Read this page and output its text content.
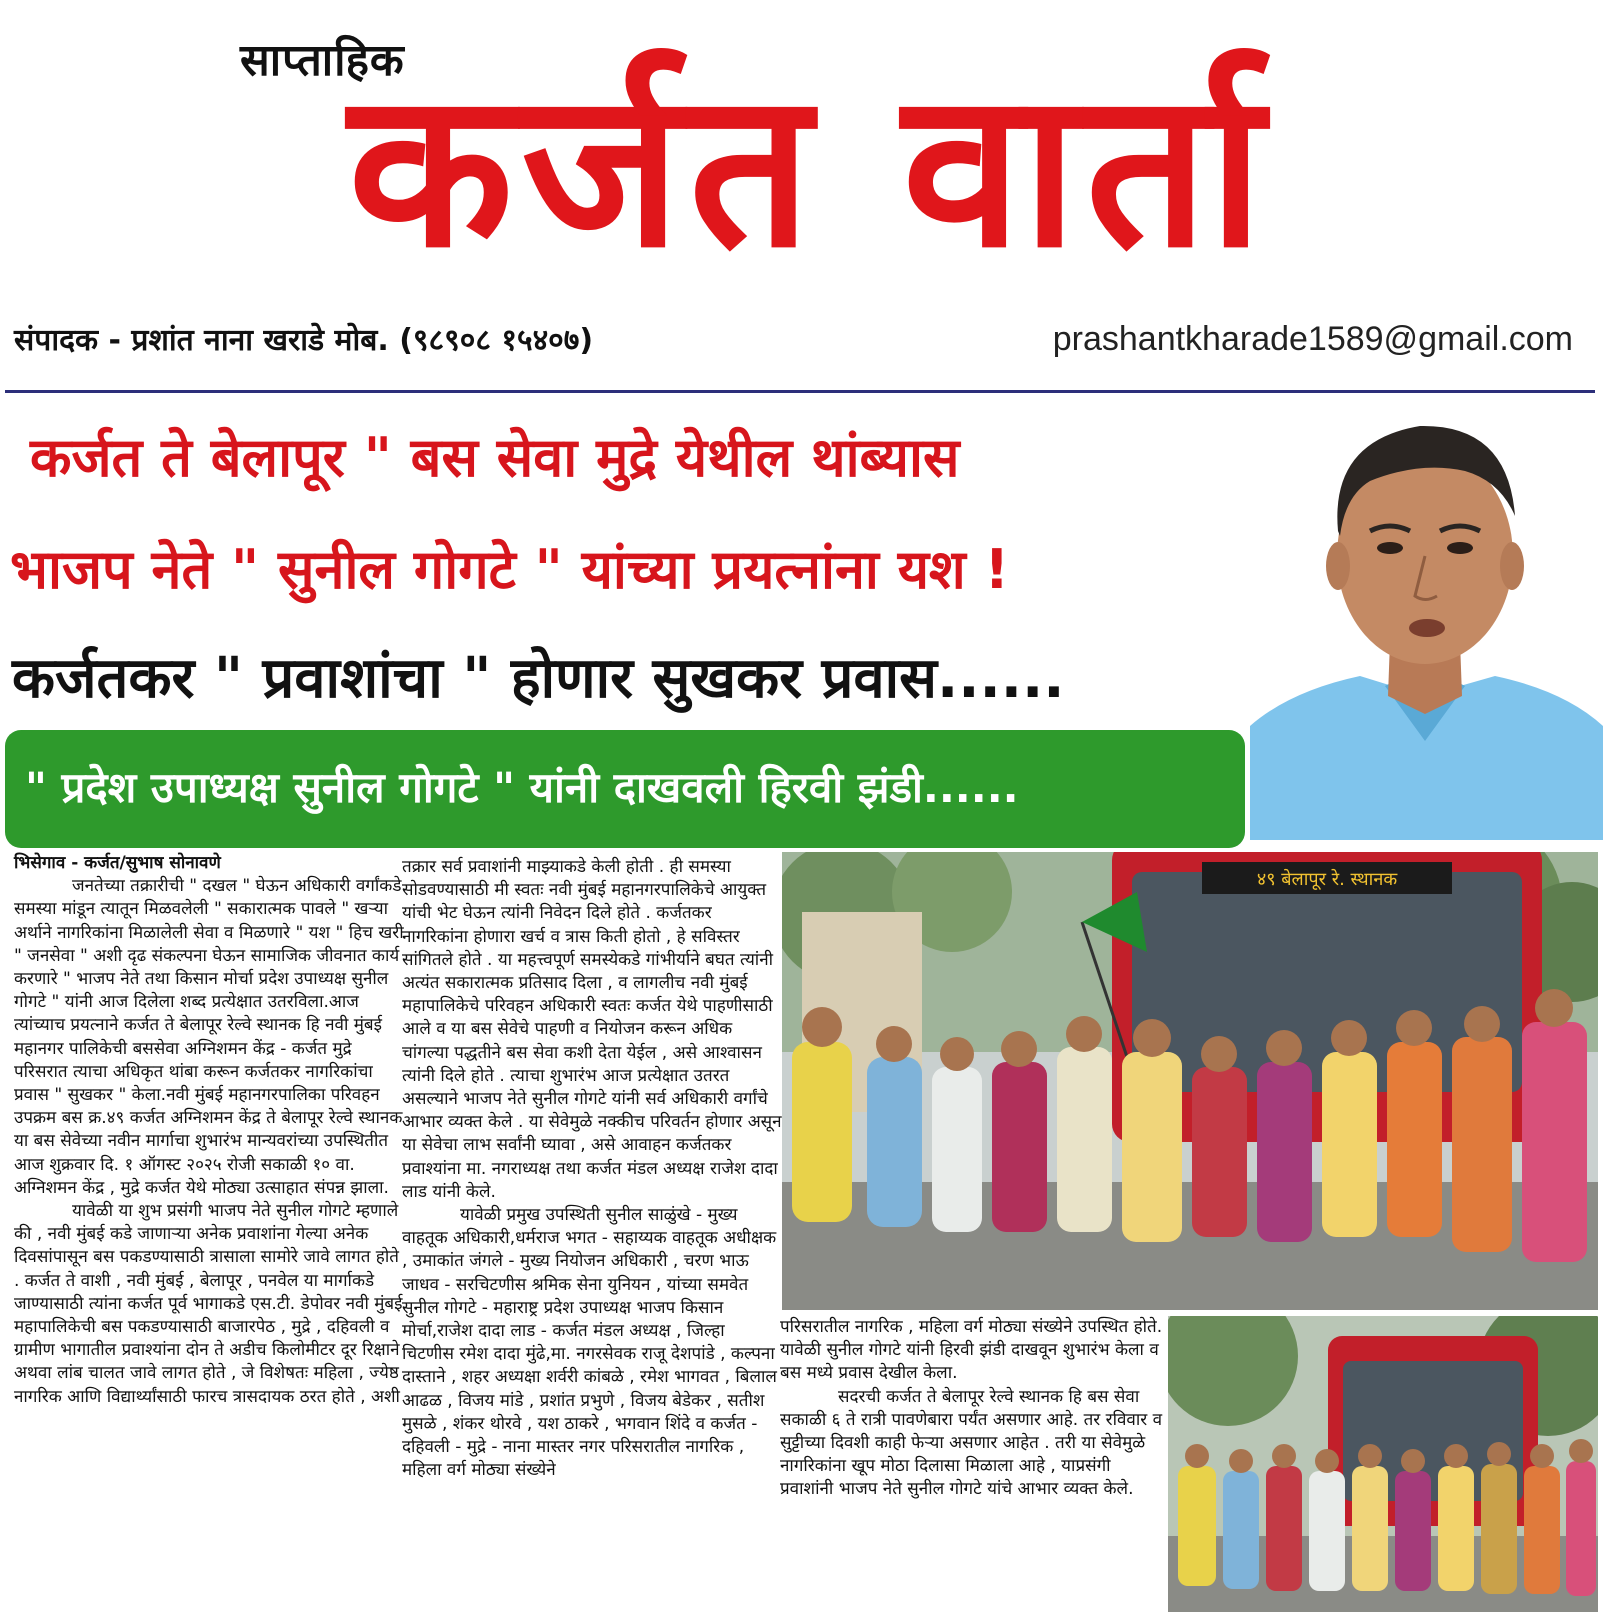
साप्ताहिक
कर्जत वार्ता
संपादक - प्रशांत नाना खराडे मोब. (९८९०८ १५४०७)	prashantkharade1589@gmail.com
कर्जत ते बेलापूर " बस सेवा मुद्रे येथील थांब्यास
भाजप नेते " सुनील गोगटे " यांच्या प्रयत्नांना यश !
कर्जतकर " प्रवाशांचा " होणार सुखकर प्रवास......
" प्रदेश उपाध्यक्ष सुनील गोगटे " यांनी दाखवली हिरवी झंडी......

भिसेगाव - कर्जत/सुभाष सोनावणे

जनतेच्या तक्रारीची " दखल " घेऊन अधिकारी वर्गांकडे समस्या मांडून त्यातून मिळवलेली " सकारात्मक पावले " खऱ्या अर्थाने नागरिकांना मिळालेली सेवा व मिळणारे " यश " हिच खरी " जनसेवा " अशी दृढ संकल्पना घेऊन सामाजिक जीवनात कार्य करणारे " भाजप नेते तथा किसान मोर्चा प्रदेश उपाध्यक्ष सुनील गोगटे " यांनी आज दिलेला शब्द प्रत्येक्षात उतरविला.आज त्यांच्याच प्रयत्नाने कर्जत ते बेलापूर रेल्वे स्थानक हि नवी मुंबई महानगर पालिकेची बससेवा अग्निशमन केंद्र - कर्जत मुद्रे परिसरात त्याचा अधिकृत थांबा करून कर्जतकर नागरिकांचा प्रवास " सुखकर " केला.नवी मुंबई महानगरपालिका परिवहन उपक्रम बस क्र.४९ कर्जत अग्निशमन केंद्र ते बेलापूर रेल्वे स्थानक या बस सेवेच्या नवीन मार्गाचा शुभारंभ मान्यवरांच्या उपस्थितीत आज शुक्रवार दि. १ ऑगस्ट २०२५ रोजी सकाळी १० वा. अग्निशमन केंद्र , मुद्रे कर्जत येथे मोठ्या उत्साहात संपन्न झाला.

यावेळी या शुभ प्रसंगी भाजप नेते सुनील गोगटे म्हणाले की , नवी मुंबई कडे जाणाऱ्या अनेक प्रवाशांना गेल्या अनेक दिवसांपासून बस पकडण्यासाठी त्रासाला सामोरे जावे लागत होते . कर्जत ते वाशी , नवी मुंबई , बेलापूर , पनवेल या मार्गाकडे जाण्यासाठी त्यांना कर्जत पूर्व भागाकडे एस.टी. डेपोवर नवी मुंबई महापालिकेची बस पकडण्यासाठी बाजारपेठ , मुद्रे , दहिवली व ग्रामीण भागातील प्रवाश्यांना दोन ते अडीच किलोमीटर दूर रिक्षाने अथवा लांब चालत जावे लागत होते , जे विशेषतः महिला , ज्येष्ठ नागरिक आणि विद्यार्थ्यांसाठी फारच त्रासदायक ठरत होते , अशी

तक्रार सर्व प्रवाशांनी माझ्याकडे केली होती . ही समस्या सोडवण्यासाठी मी स्वतः नवी मुंबई महानगरपालिकेचे आयुक्त यांची भेट घेऊन त्यांनी निवेदन दिले होते . कर्जतकर नागरिकांना होणारा खर्च व त्रास किती होतो , हे सविस्तर सांगितले होते . या महत्त्वपूर्ण समस्येकडे गांभीर्याने बघत त्यांनी अत्यंत सकारात्मक प्रतिसाद दिला , व लागलीच नवी मुंबई महापालिकेचे परिवहन अधिकारी स्वतः कर्जत येथे पाहणीसाठी आले व या बस सेवेचे पाहणी व नियोजन करून अधिक चांगल्या पद्धतीने बस सेवा कशी देता येईल , असे आश्वासन त्यांनी दिले होते . त्याचा शुभारंभ आज प्रत्येक्षात उतरत असल्याने भाजप नेते सुनील गोगटे यांनी सर्व अधिकारी वर्गांचे आभार व्यक्त केले . या सेवेमुळे नक्कीच परिवर्तन होणार असून या सेवेचा लाभ सर्वांनी घ्यावा , असे आवाहन कर्जतकर प्रवाश्यांना मा. नगराध्यक्ष तथा कर्जत मंडल अध्यक्ष राजेश दादा लाड यांनी केले.

यावेळी प्रमुख उपस्थिती सुनील साळुंखे - मुख्य वाहतूक अधिकारी,धर्मराज भगत - सहाय्यक वाहतूक अधीक्षक , उमाकांत जंगले - मुख्य नियोजन अधिकारी , चरण भाऊ जाधव - सरचिटणीस श्रमिक सेना युनियन , यांच्या समवेत सुनील गोगटे - महाराष्ट्र प्रदेश उपाध्यक्ष भाजप किसान मोर्चा,राजेश दादा लाड - कर्जत मंडल अध्यक्ष , जिल्हा चिटणीस रमेश दादा मुंढे,मा. नगरसेवक राजू देशपांडे , कल्पना दास्ताने , शहर अध्यक्षा शर्वरी कांबळे , रमेश भागवत , बिलाल आढळ , विजय मांडे , प्रशांत प्रभुणे , विजय बेडेकर , सतीश मुसळे , शंकर थोरवे , यश ठाकरे , भगवान शिंदे व कर्जत - दहिवली - मुद्रे - नाना मास्तर नगर परिसरातील नागरिक , महिला वर्ग मोठ्या संख्येने

४९ बेलापूर रे. स्थानक

परिसरातील नागरिक , महिला वर्ग मोठ्या संख्येने उपस्थित होते. यावेळी सुनील गोगटे यांनी हिरवी झंडी दाखवून शुभारंभ केला व बस मध्ये प्रवास देखील केला.

सदरची कर्जत ते बेलापूर रेल्वे स्थानक हि बस सेवा सकाळी ६ ते रात्री पावणेबारा पर्यंत असणार आहे. तर रविवार व सुट्टीच्या दिवशी काही फेऱ्या असणार आहेत . तरी या सेवेमुळे नागरिकांना खूप मोठा दिलासा मिळाला आहे , याप्रसंगी प्रवाशांनी भाजप नेते सुनील गोगटे यांचे आभार व्यक्त केले.
